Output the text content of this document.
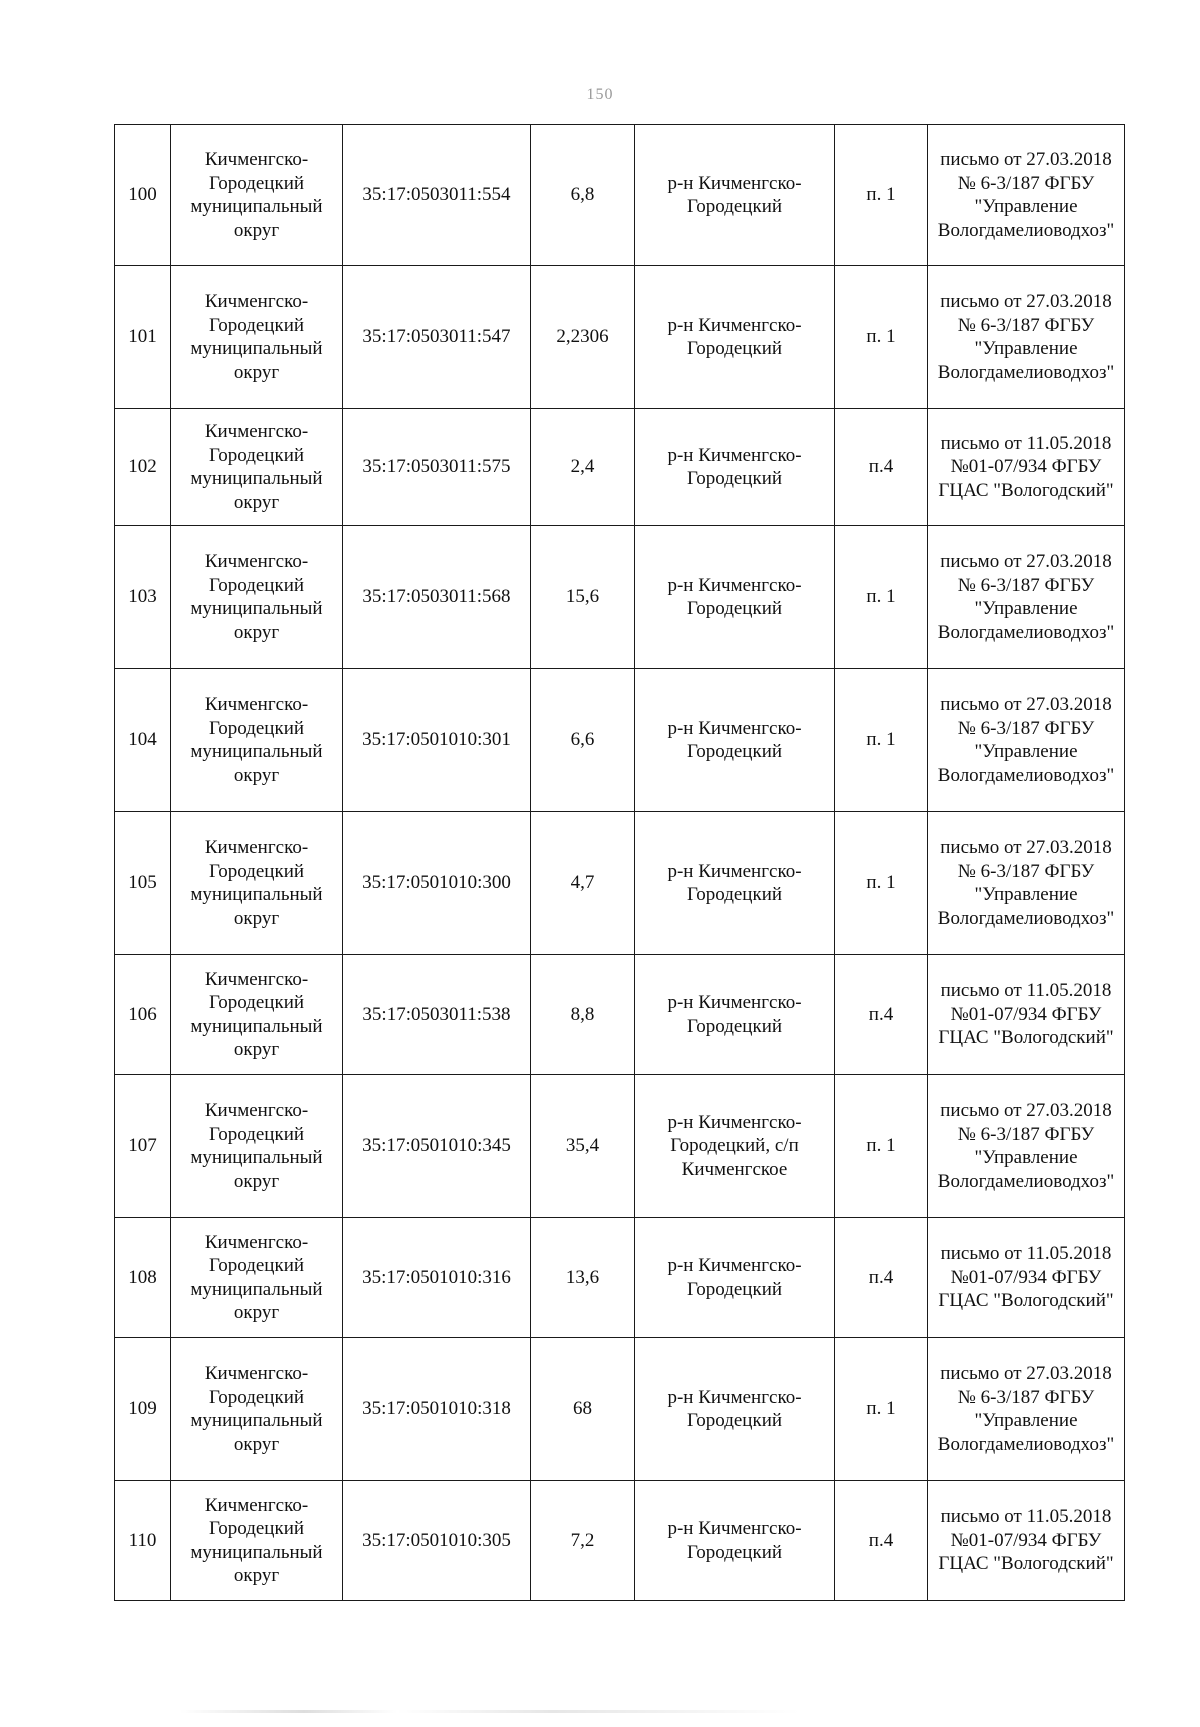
150
100	Кичменгско-Городецкий муниципальный округ	35:17:0503011:554	6,8	р-н Кичменгско-Городецкий	п. 1	письмо от 27.03.2018 № 6-3/187 ФГБУ "Управление Вологдамелиоводхоз"
101	Кичменгско-Городецкий муниципальный округ	35:17:0503011:547	2,2306	р-н Кичменгско-Городецкий	п. 1	письмо от 27.03.2018 № 6-3/187 ФГБУ "Управление Вологдамелиоводхоз"
102	Кичменгско-Городецкий муниципальный округ	35:17:0503011:575	2,4	р-н Кичменгско-Городецкий	п.4	письмо от 11.05.2018 №01-07/934 ФГБУ ГЦАС "Вологодский"
103	Кичменгско-Городецкий муниципальный округ	35:17:0503011:568	15,6	р-н Кичменгско-Городецкий	п. 1	письмо от 27.03.2018 № 6-3/187 ФГБУ "Управление Вологдамелиоводхоз"
104	Кичменгско-Городецкий муниципальный округ	35:17:0501010:301	6,6	р-н Кичменгско-Городецкий	п. 1	письмо от 27.03.2018 № 6-3/187 ФГБУ "Управление Вологдамелиоводхоз"
105	Кичменгско-Городецкий муниципальный округ	35:17:0501010:300	4,7	р-н Кичменгско-Городецкий	п. 1	письмо от 27.03.2018 № 6-3/187 ФГБУ "Управление Вологдамелиоводхоз"
106	Кичменгско-Городецкий муниципальный округ	35:17:0503011:538	8,8	р-н Кичменгско-Городецкий	п.4	письмо от 11.05.2018 №01-07/934 ФГБУ ГЦАС "Вологодский"
107	Кичменгско-Городецкий муниципальный округ	35:17:0501010:345	35,4	р-н Кичменгско-Городецкий, с/п Кичменгское	п. 1	письмо от 27.03.2018 № 6-3/187 ФГБУ "Управление Вологдамелиоводхоз"
108	Кичменгско-Городецкий муниципальный округ	35:17:0501010:316	13,6	р-н Кичменгско-Городецкий	п.4	письмо от 11.05.2018 №01-07/934 ФГБУ ГЦАС "Вологодский"
109	Кичменгско-Городецкий муниципальный округ	35:17:0501010:318	68	р-н Кичменгско-Городецкий	п. 1	письмо от 27.03.2018 № 6-3/187 ФГБУ "Управление Вологдамелиоводхоз"
110	Кичменгско-Городецкий муниципальный округ	35:17:0501010:305	7,2	р-н Кичменгско-Городецкий	п.4	письмо от 11.05.2018 №01-07/934 ФГБУ ГЦАС "Вологодский"
